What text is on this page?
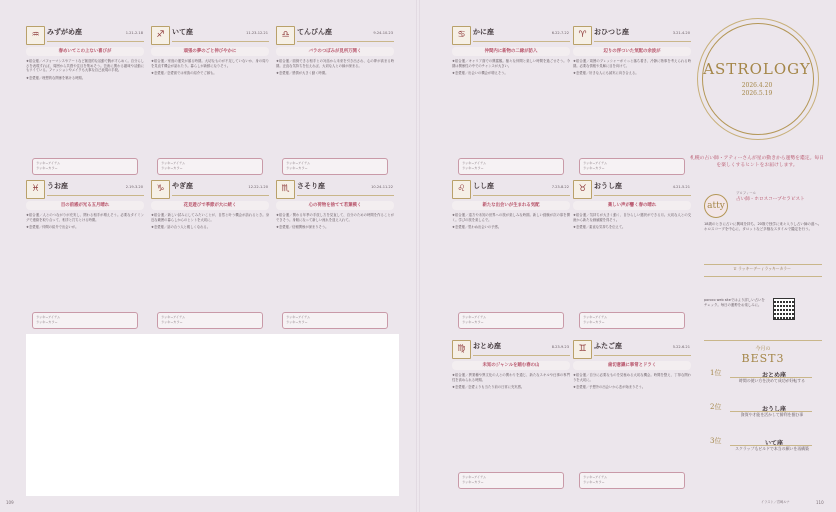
♒	みずがめ座	1.21-2.18
春めいてこの上ない喜びが
★総合運／パフォーマンスやアートなど創造的な活動で腕が才らめく。自分らしさを表現すれば、周囲から共感や注目を集めそう。芸術に関わる趣味や活動にもツイている。ファッションやメイクも大事な自己表現の手段。
★恋愛運／理想的な関係を築ける時期。
ラッキーアイテム
ラッキーカラー
♐	いて座	11.23-12.21
頑張の夢のごと伸びやかに
★総合運／家庭の運気が頭る時期。大切なものが不足していないか、身の周りを見直す機会が訪れたり。暮らしが新鮮になりそう。
★恋愛運／恋愛面では家族の紹介でご縁も。
ラッキーアイテム
ラッキーカラー
♎	てんびん座	9.24-10.23
バラのつぼみが見所万開く
★総合運／面倒できる相手との対話から未来を引き出され、心の夢が高まる時期。正直な気持ちを伝えれば、大切な人との縁が深まる。
★恋愛運／感情が大きく動く時期。
ラッキーアイテム
ラッキーカラー
♋	かに座	6.22-7.22
仲間内に新物の二縁が訪入
★総合運／キャリア面での興奮観。様々な仲間と楽しい時間を過ごせそう。今期は関係性の中でのチャンスが大きい。
★恋愛運／出会いの機会が増えそう。
ラッキーアイテム
ラッキーカラー
♈	おひつじ座	3.21-4.20
辺りの浮ついた気配の余波が
★総合運／周囲のプレッシャーがぐっと落ち着き、冷静に物事を考えられる時期。必要な情報や見解に目を向けて。
★恋愛運／好きな人にも誠実に向き合える。
ラッキーアイテム
ラッキーカラー
♓	うお座	2.19-3.20
目の前感が光る五月晴れ
★総合運／人とのつながりが充実し、関わる相手が増えそう。必要なタイミングで連絡を取り合って、相手と打ちとける時期。
★恋愛運／仲間の紹介で出会いが。
ラッキーアイテム
ラッキーカラー
♑	やぎ座	12.22-1.20
花見遊びで季節が大に続く
★総合運／新しい試みにしてみたいことが、自然と叶う機会が訪れるとき。身近な範囲の暮らしからのヒントを大切に。
★恋愛運／話の合う人と親しくなれる。
ラッキーアイテム
ラッキーカラー
♏	さそり座	10.24-11.22
心の荷物を捨てて若葉模く
★総合運／関わる年季の手放し方を見直して、自分のための時間を作ることができそう。身軽になって新しい流れを迎え入れて。
★恋愛運／信頼関係が深まりそう。
ラッキーアイテム
ラッキーカラー
♌	しし座	7.23-8.22
新たな出会いが生まれる気配
★総合運／遠方や未知の世界への旅が楽しみな時期。新しい経験が次の扉を開く。学びの旅を楽しんで。
★恋愛運／思わぬ出会いの予感。
ラッキーアイテム
ラッキーカラー
♉	おうし座	4.21-5.21
薬しい声が響く春の晴れ
★総合運／気持ちが大きく動く、自分らしい選択ができる月。大切な人との交流から新たな価値観を得そう。
★恋愛運／素直な気持ちを伝えて。
ラッキーアイテム
ラッキーカラー
♍	おとめ座	8.23-9.23
未知のジャンルを踏む春の山
★総合運／異業種や異文化の人との関わりを通じ、新たなスキルや仕事の専門性を高められる時期。
★恋愛運／恋愛よりも当たり前の日常に充実感。
ラッキーアイテム
ラッキーカラー
♊	ふたご座	5.22-6.21
歯切意識に事常とドラく
★総合運／自分に必要なものを見極める大切な機会。時間を整え、丁寧な関わりを大切に。
★恋愛運／予想外の出会いから恋が始まりそう。
ラッキーアイテム
ラッキーカラー
ASTROLOGY
2026.4.20
2026.5.19
札幌の占い師・アティーさんが星の動きから運勢を鑑定。毎日を楽しくするヒントをお届けします。
プロフィール
atty
占い師・ホロスコープセラピスト
18歳のときに占いに興味を持ち、20歳で独学に来々入りし占い師の道へ。ホロスコープを中心に、タロットなど多様なスタイルで鑑定を行う。
ロ ラッキーデー / ラッキーカラー
poroco web siteではより詳しい占いをチェック。毎日の運勢をお楽しみに。
今月の
BEST3
1位	おとめ座
時間の使い方を決めて成功が好転する
2位	おうし座
資質や才能を活かして勝利を掴む事
3位	いて座
スクラップもビルドで本当の願いを再構築
109	110
イラスト／宮崎ルナ
